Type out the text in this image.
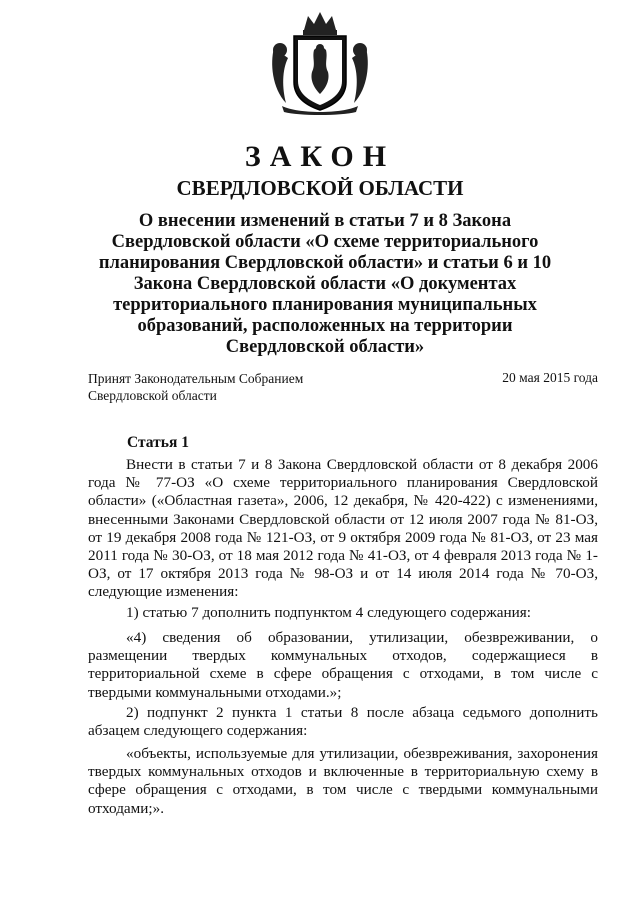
ЗАКОН
СВЕРДЛОВСКОЙ ОБЛАСТИ
О внесении изменений в статьи 7 и 8 Закона Свердловской области «О схеме территориального планирования Свердловской области» и статьи 6 и 10 Закона Свердловской области «О документах территориального планирования муниципальных образований, расположенных на территории Свердловской области»
Принят Законодательным Собранием
Свердловской области
20 мая 2015 года
Статья 1
Внести в статьи 7 и 8 Закона Свердловской области от 8 декабря 2006 года № 77-ОЗ «О схеме территориального планирования Свердловской области» («Областная газета», 2006, 12 декабря, № 420-422) с изменениями, внесенными Законами Свердловской области от 12 июля 2007 года № 81-ОЗ, от 19 декабря 2008 года № 121-ОЗ, от 9 октября 2009 года № 81-ОЗ, от 23 мая 2011 года № 30-ОЗ, от 18 мая 2012 года № 41-ОЗ, от 4 февраля 2013 года № 1-ОЗ, от 17 октября 2013 года № 98-ОЗ и от 14 июля 2014 года № 70-ОЗ, следующие изменения:
1) статью 7 дополнить подпунктом 4 следующего содержания:
«4) сведения об образовании, утилизации, обезвреживании, о размещении твердых коммунальных отходов, содержащиеся в территориальной схеме в сфере обращения с отходами, в том числе с твердыми коммунальными отходами.»;
2) подпункт 2 пункта 1 статьи 8 после абзаца седьмого дополнить абзацем следующего содержания:
«объекты, используемые для утилизации, обезвреживания, захоронения твердых коммунальных отходов и включенные в территориальную схему в сфере обращения с отходами, в том числе с твердыми коммунальными отходами;».
